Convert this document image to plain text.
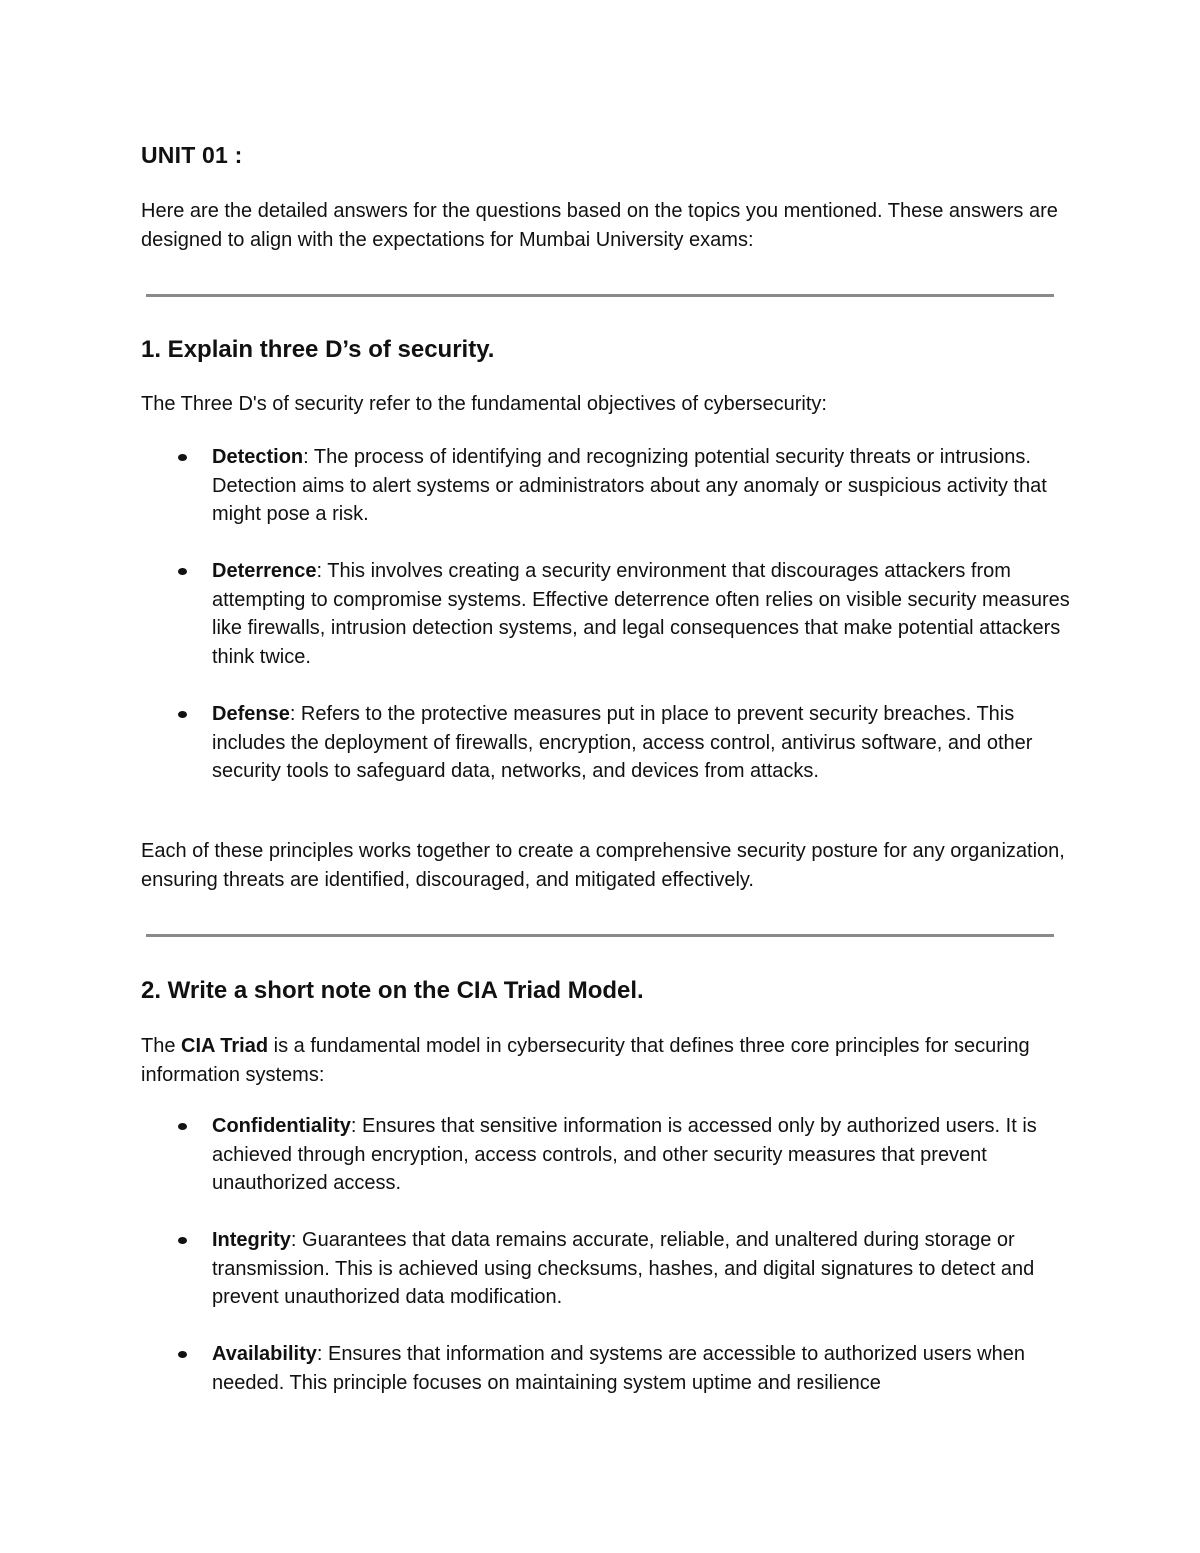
UNIT 01 :
Here are the detailed answers for the questions based on the topics you mentioned. These answers are designed to align with the expectations for Mumbai University exams:
1. Explain three D’s of security.
The Three D's of security refer to the fundamental objectives of cybersecurity:
Detection: The process of identifying and recognizing potential security threats or intrusions. Detection aims to alert systems or administrators about any anomaly or suspicious activity that might pose a risk.
Deterrence: This involves creating a security environment that discourages attackers from attempting to compromise systems. Effective deterrence often relies on visible security measures like firewalls, intrusion detection systems, and legal consequences that make potential attackers think twice.
Defense: Refers to the protective measures put in place to prevent security breaches. This includes the deployment of firewalls, encryption, access control, antivirus software, and other security tools to safeguard data, networks, and devices from attacks.
Each of these principles works together to create a comprehensive security posture for any organization, ensuring threats are identified, discouraged, and mitigated effectively.
2. Write a short note on the CIA Triad Model.
The CIA Triad is a fundamental model in cybersecurity that defines three core principles for securing information systems:
Confidentiality: Ensures that sensitive information is accessed only by authorized users. It is achieved through encryption, access controls, and other security measures that prevent unauthorized access.
Integrity: Guarantees that data remains accurate, reliable, and unaltered during storage or transmission. This is achieved using checksums, hashes, and digital signatures to detect and prevent unauthorized data modification.
Availability: Ensures that information and systems are accessible to authorized users when needed. This principle focuses on maintaining system uptime and resilience
